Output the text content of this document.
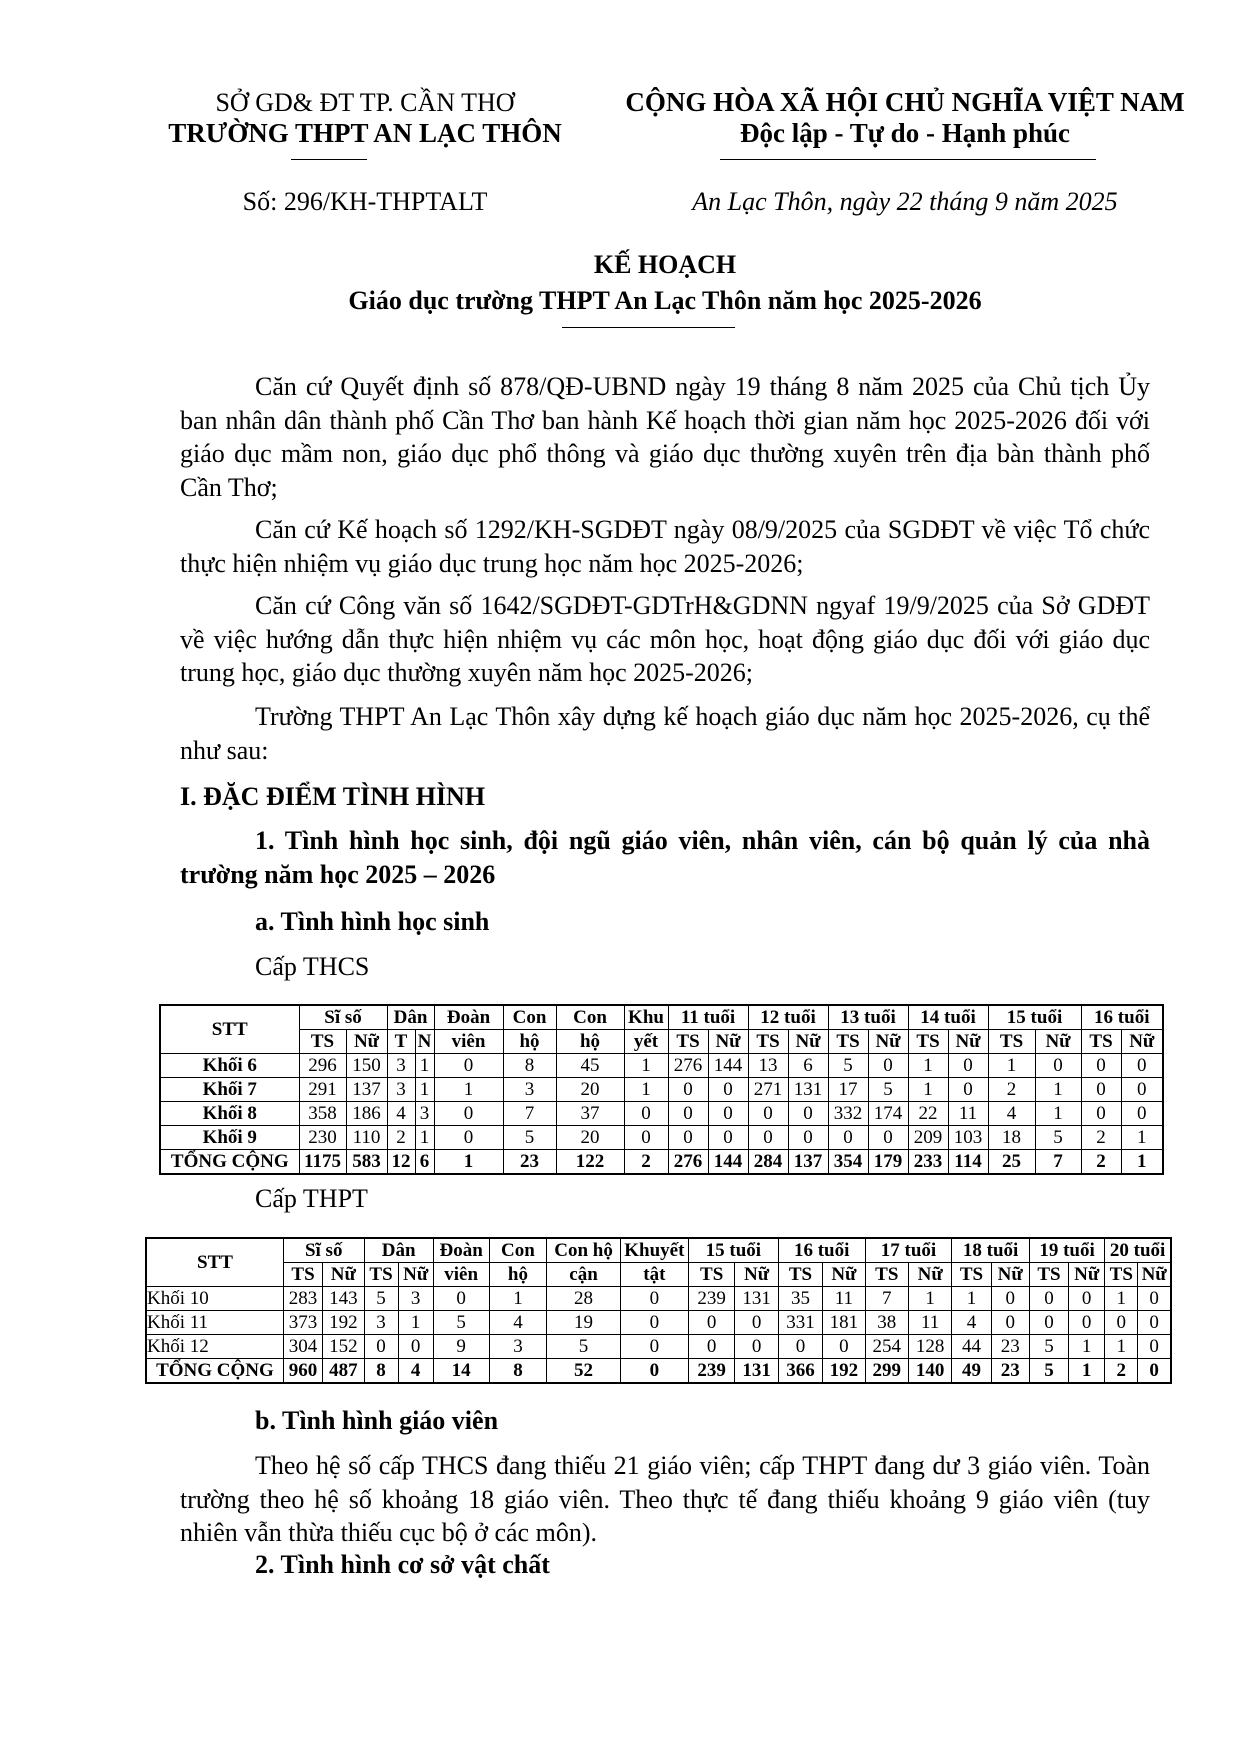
SỞ GD& ĐT TP. CẦN THƠ
TRƯỜNG THPT AN LẠC THÔN
CỘNG HÒA XÃ HỘI CHỦ NGHĨA VIỆT NAM
Độc lập - Tự do - Hạnh phúc
Số: 296/KH-THPTALT	An Lạc Thôn, ngày 22 tháng 9 năm 2025
KẾ HOẠCH
Giáo dục trường THPT An Lạc Thôn năm học 2025-2026
Căn cứ Quyết định số 878/QĐ-UBND ngày 19 tháng 8 năm 2025 của Chủ tịch Ủy ban nhân dân thành phố Cần Thơ ban hành Kế hoạch thời gian năm học 2025-2026 đối với giáo dục mầm non, giáo dục phổ thông và giáo dục thường xuyên trên địa bàn thành phố Cần Thơ;
Căn cứ Kế hoạch số 1292/KH-SGDĐT ngày 08/9/2025 của SGDĐT về việc Tổ chức thực hiện nhiệm vụ giáo dục trung học năm học 2025-2026;
Căn cứ Công văn số 1642/SGDĐT-GDTrH&GDNN ngyaf 19/9/2025 của Sở GDĐT về việc hướng dẫn thực hiện nhiệm vụ các môn học, hoạt động giáo dục đối với giáo dục trung học, giáo dục thường xuyên năm học 2025-2026;
Trường THPT An Lạc Thôn xây dựng kế hoạch giáo dục năm học 2025-2026, cụ thể như sau:
I. ĐẶC ĐIỂM TÌNH HÌNH
1. Tình hình học sinh, đội ngũ giáo viên, nhân viên, cán bộ quản lý của nhà trường năm học 2025 – 2026
a. Tình hình học sinh
Cấp THCS
STT	Sĩ số		Dân		Đoàn	Con	Con	Khu	11 tuổi		12 tuổi		13 tuổi		14 tuổi		15 tuổi		16 tuổi	
	TS	Nữ	T	N	viên	hộ	hộ	yết	TS	Nữ	TS	Nữ	TS	Nữ	TS	Nữ	TS	Nữ	TS	Nữ
Khối 6	296	150	3	1	0	8	45	1	276	144	13	6	5	0	1	0	1	0	0	0
Khối 7	291	137	3	1	1	3	20	1	0	0	271	131	17	5	1	0	2	1	0	0
Khối 8	358	186	4	3	0	7	37	0	0	0	0	0	332	174	22	11	4	1	0	0
Khối 9	230	110	2	1	0	5	20	0	0	0	0	0	0	0	209	103	18	5	2	1
TỔNG CỘNG	1175	583	12	6	1	23	122	2	276	144	284	137	354	179	233	114	25	7	2	1
Cấp THPT
STT	Sĩ số		Dân		Đoàn	Con	Con hộ	Khuyết	15 tuổi		16 tuổi		17 tuổi		18 tuổi		19 tuổi		20 tuổi	
	TS	Nữ	TS	Nữ	viên	hộ	cận	tật	TS	Nữ	TS	Nữ	TS	Nữ	TS	Nữ	TS	Nữ	TS	Nữ
Khối 10	283	143	5	3	0	1	28	0	239	131	35	11	7	1	1	0	0	0	1	0
Khối 11	373	192	3	1	5	4	19	0	0	0	331	181	38	11	4	0	0	0	0	0
Khối 12	304	152	0	0	9	3	5	0	0	0	0	0	254	128	44	23	5	1	1	0
TỔNG CỘNG	960	487	8	4	14	8	52	0	239	131	366	192	299	140	49	23	5	1	2	0
b. Tình hình giáo viên
Theo hệ số cấp THCS đang thiếu 21 giáo viên; cấp THPT đang dư 3 giáo viên. Toàn trường theo hệ số khoảng 18 giáo viên. Theo thực tế đang thiếu khoảng 9 giáo viên (tuy nhiên vẫn thừa thiếu cục bộ ở các môn).
2. Tình hình cơ sở vật chất
